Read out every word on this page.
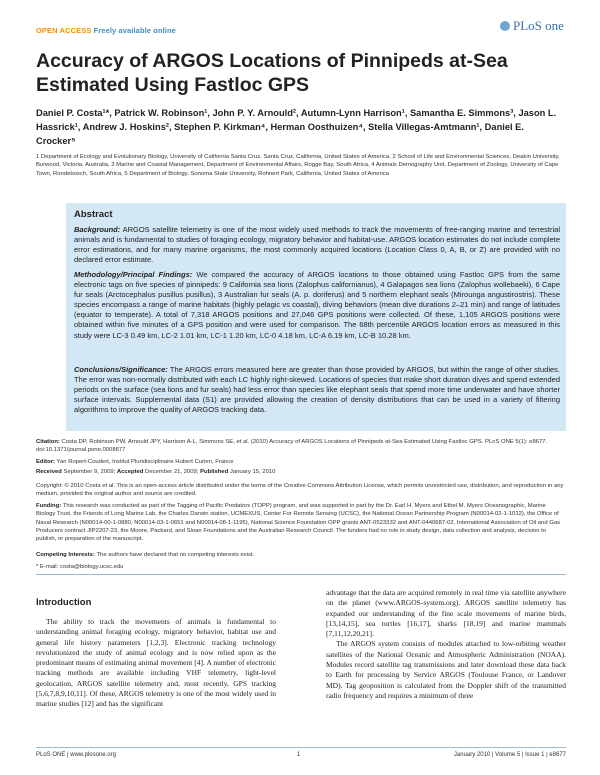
OPEN ACCESS Freely available online	PLoS one
Accuracy of ARGOS Locations of Pinnipeds at-Sea Estimated Using Fastloc GPS
Daniel P. Costa¹*, Patrick W. Robinson¹, John P. Y. Arnould², Autumn-Lynn Harrison¹, Samantha E. Simmons³, Jason L. Hassrick¹, Andrew J. Hoskins², Stephen P. Kirkman⁴, Herman Oosthuizen⁴, Stella Villegas-Amtmann¹, Daniel E. Crocker⁵
1 Department of Ecology and Evolutionary Biology, University of California Santa Cruz, Santa Cruz, California, United States of America, 2 School of Life and Environmental Sciences, Deakin University, Burwood, Victoria, Australia, 3 Marine and Coastal Management, Department of Environmental Affairs, Rogge Bay, South Africa, 4 Animals Demography Unit, Department of Zoology, University of Cape Town, Rondebosch, South Africa, 5 Department of Biology, Sonoma State University, Rohnert Park, California, United States of America
Abstract
Background: ARGOS satellite telemetry is one of the most widely used methods to track the movements of free-ranging marine and terrestrial animals and is fundamental to studies of foraging ecology, migratory behavior and habitat-use. ARGOS location estimates do not include complete error estimations, and for many marine organisms, the most commonly acquired locations (Location Class 0, A, B, or Z) are provided with no declared error estimate.
Methodology/Principal Findings: We compared the accuracy of ARGOS locations to those obtained using Fastloc GPS from the same electronic tags on five species of pinnipeds: 9 California sea lions (Zalophus californianus), 4 Galapagos sea lions (Zalophus wollebaeki), 6 Cape fur seals (Arctocephalus pusillus pusillus), 3 Australian fur seals (A. p. doriferus) and 5 northern elephant seals (Mirounga angustirostris). These species encompass a range of marine habitats (highly pelagic vs coastal), diving behaviors (mean dive durations 2–21 min) and range of latitudes (equator to temperate). A total of 7,318 ARGOS positions and 27,046 GPS positions were collected. Of these, 1,105 ARGOS positions were obtained within five minutes of a GPS position and were used for comparison. The 68th percentile ARGOS location errors as measured in this study were LC-3 0.49 km, LC-2 1.01 km, LC-1 1.20 km, LC-0 4.18 km, LC-A 6.19 km, LC-B 10.28 km.
Conclusions/Significance: The ARGOS errors measured here are greater than those provided by ARGOS, but within the range of other studies. The error was non-normally distributed with each LC highly right-skewed. Locations of species that make short duration dives and spend extended periods on the surface (sea lions and fur seals) had less error than species like elephant seals that spend more time underwater and have shorter surface intervals. Supplemental data (S1) are provided allowing the creation of density distributions that can be used in a variety of filtering algorithms to improve the quality of ARGOS tracking data.
Citation: Costa DP, Robinson PW, Arnould JPY, Harrison A-L, Simmons SE, et al. (2010) Accuracy of ARGOS Locations of Pinnipeds at-Sea Estimated Using Fastloc GPS. PLoS ONE 5(1): e8677. doi:10.1371/journal.pone.0008677
Editor: Yan Ropert-Coudert, Institut Pluridisciplinaire Hubert Curien, France
Received September 9, 2009; Accepted December 21, 2009; Published January 15, 2010
Copyright: © 2010 Costa et al. This is an open-access article distributed under the terms of the Creative Commons Attribution License, which permits unrestricted use, distribution, and reproduction in any medium, provided the original author and source are credited.
Funding: This research was conducted as part of the Tagging of Pacific Predators (TOPP) program, and was supported in part by the Dr. Earl H. Myers and Ethel M. Myers Oceanographic, Marine Biology Trust, the Friends of Long Marine Lab, the Charles Darwin station, UCMEXUS, Center For Remote Sensing (UCSC), the National Ocean Partnership Program (N00014-02-1-1012), the Office of Naval Research (N00014-00-1-0880, N00014-03-1-0651 and N00014-08-1-1195), National Science Foundation OPP grants ANT-0523332 and ANT-0440687-02, International Association of Oil and Gas Producers contract JIP2207-23, the Moore, Packard, and Sloan Foundations and the Australian Research Council. The funders had no role in study design, data collection and analysis, decision to publish, or preparation of the manuscript.
Competing Interests: The authors have declared that no competing interests exist.
* E-mail: costa@biology.ucsc.edu
Introduction
The ability to track the movements of animals is fundamental to understanding animal foraging ecology, migratory behavior, habitat use and general life history parameters [1,2,3]. Electronic tracking technology revolutionized the study of animal ecology and is now relied upon as the predominant means of estimating animal movement [4]. A number of electronic tracking methods are available including VHF telemetry, light-level geolocation, ARGOS satellite telemetry and, most recently, GPS tracking [5,6,7,8,9,10,11]. Of these, ARGOS telemetry is one of the most widely used in marine studies [12] and has the significant

advantage that the data are acquired remotely in real time via satellite anywhere on the planet (www.ARGOS-system.org). ARGOS satellite telemetry has expanded our understanding of the fine scale movements of marine birds, [13,14,15], sea turtles [16,17], sharks [18,19] and marine mammals [7,11,12,20,21].

The ARGOS system consists of modules attached to low-orbiting weather satellites of the National Oceanic and Atmospheric Administration (NOAA). Modules record satellite tag transmissions and later download these data back to Earth for processing by Service ARGOS (Toulouse France, or Landover MD). Tag geoposition is calculated from the Doppler shift of the transmitted radio frequency and requires a minimum of three

PLoS ONE | www.plosone.org	1	January 2010 | Volume 5 | Issue 1 | e8677
